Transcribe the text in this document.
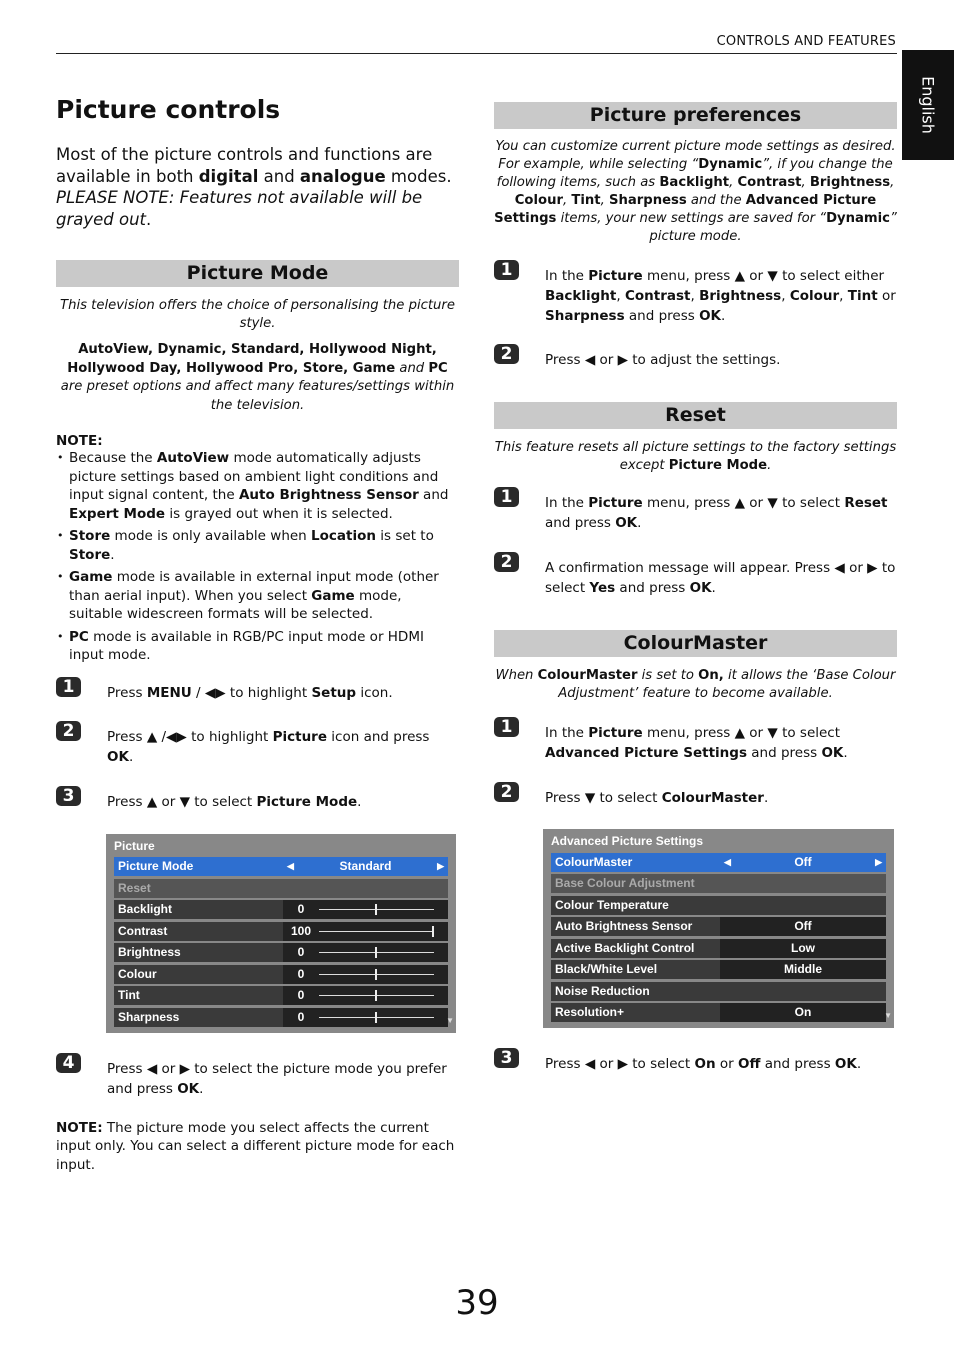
CONTROLS AND FEATURES
English
Picture controls

Most of the picture controls and functions are available in both digital and analogue modes.
PLEASE NOTE: Features not available will be grayed out.

Picture Mode

This television offers the choice of personalising the picture style.

AutoView, Dynamic, Standard, Hollywood Night, Hollywood Day, Hollywood Pro, Store, Game and PC are preset options and affect many features/settings within the television.

NOTE:
• Because the AutoView mode automatically adjusts picture settings based on ambient light conditions and input signal content, the Auto Brightness Sensor and Expert Mode is grayed out when it is selected.
• Store mode is only available when Location is set to Store.
• Game mode is available in external input mode (other than aerial input). When you select Game mode, suitable widescreen formats will be selected.
• PC mode is available in RGB/PC input mode or HDMI input mode.
1	Press MENU / ◀▶ to highlight Setup icon.
2	Press ▲ /◀▶ to highlight Picture icon and press OK.
3	Press ▲ or ▼ to select Picture Mode.
Picture
Picture Mode	◀	Standard	▶
Reset
Backlight	0
Contrast	100
Brightness	0
Colour	0
Tint	0
Sharpness	0	▼
4	Press ◀ or ▶ to select the picture mode you prefer and press OK.

NOTE: The picture mode you select affects the current input only. You can select a different picture mode for each input.

Picture preferences

You can customize current picture mode settings as desired. For example, while selecting “Dynamic”, if you change the following items, such as Backlight, Contrast, Brightness, Colour, Tint, Sharpness and the Advanced Picture Settings items, your new settings are saved for “Dynamic” picture mode.

1	In the Picture menu, press ▲ or ▼ to select either Backlight, Contrast, Brightness, Colour, Tint or Sharpness and press OK.
2	Press ◀ or ▶ to adjust the settings.
Reset

This feature resets all picture settings to the factory settings except Picture Mode.

1	In the Picture menu, press ▲ or ▼ to select Reset and press OK.
2	A confirmation message will appear. Press ◀ or ▶ to select Yes and press OK.
ColourMaster

When ColourMaster is set to On, it allows the ‘Base Colour Adjustment’ feature to become available.

1	In the Picture menu, press ▲ or ▼ to select Advanced Picture Settings and press OK.
2	Press ▼ to select ColourMaster.
Advanced Picture Settings
ColourMaster	◀	Off	▶
Base Colour Adjustment
Colour Temperature
Auto Brightness Sensor	Off
Active Backlight Control	Low
Black/White Level	Middle
Noise Reduction
Resolution+	On	▼
3	Press ◀ or ▶ to select On or Off and press OK.
39
